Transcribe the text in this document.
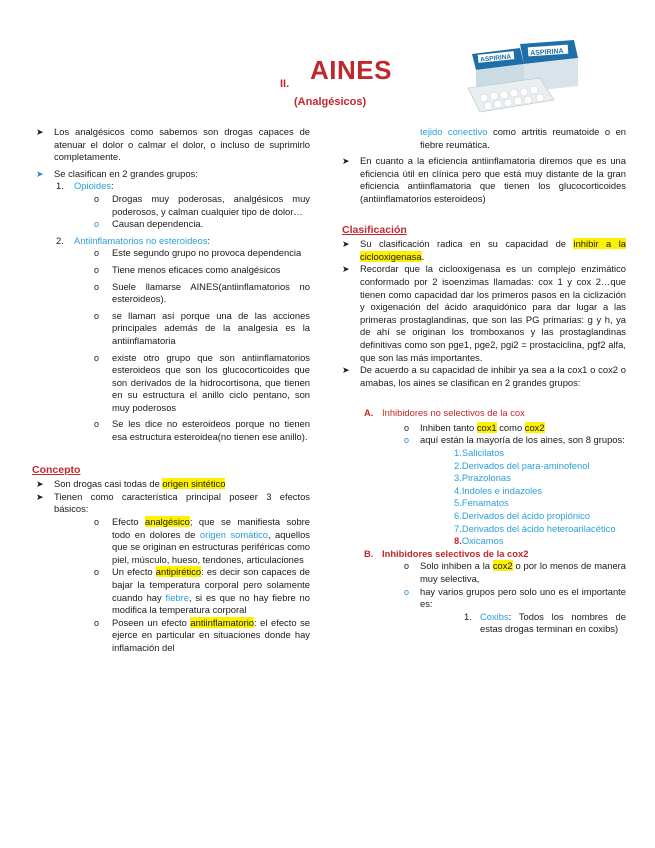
II. AINES
(Analgésicos)
ASPIRINA
ASPIRINA
➤ Los analgésicos como sabemos son drogas capaces de atenuar el dolor o calmar el dolor, o incluso de suprimirlo completamente.
➤ Se clasifican en 2 grandes grupos:
1. Opioides:
o Drogas muy poderosas, analgésicos muy poderosos, y calman cualquier tipo de dolor…
o Causan dependencia.
2. Antiinflamatorios no esteroideos:
o Este segundo grupo no provoca dependencia
o Tiene menos eficaces como analgésicos
o Suele llamarse AINES(antiinflamatorios no esteroideos).
o se llaman así porque una de las acciones principales además de la analgesia es la antiinflamatoria
o existe otro grupo que son antiinflamatorios esteroideos que son los glucocorticoides que son derivados de la hidrocortisona, que tienen en su estructura el anillo ciclo pentano, son muy poderosos
o Se les dice no esteroideos porque no tienen esa estructura esteroidea(no tienen ese anillo).
Concepto
➤ Son drogas casi todas de origen sintético
➤ Tienen como característica principal poseer 3 efectos básicos:
o Efecto analgésico; que se manifiesta sobre todo en dolores de origen somático, aquellos que se originan en estructuras periféricas como piel, músculo, hueso, tendones, articulaciones
o Un efecto antipirético: es decir son capaces de bajar la temperatura corporal pero solamente cuando hay fiebre, si es que no hay fiebre no modifica la temperatura corporal
o Poseen un efecto antiinflamatorio: el efecto se ejerce en particular en situaciones donde hay inflamación del
tejido conectivo como artritis reumatoide o en fiebre reumática.
➤ En cuanto a la eficiencia antiinflamatoria diremos que es una eficiencia útil en clínica pero que está muy distante de la gran eficiencia antiinflamatoria que tienen los glucocorticoides (antiinflamatorios esteroideos)
Clasificación
➤ Su clasificación radica en su capacidad de inhibir a la ciclooxigenasa.
➤ Recordar que la ciclooxigenasa es un complejo enzimático conformado por 2 isoenzimas llamadas: cox 1 y cox 2…que tienen como capacidad dar los primeros pasos en la ciclización y oxigenación del ácido araquidónico para dar lugar a las primeras prostaglandinas, que son las PG primarias: g y h, ya de ahí se originan los tromboxanos y las prostaglandinas definitivas como son pge1, pge2, pgi2 = prostaciclina, pgf2 alfa, que son las más importantes.
➤ De acuerdo a su capacidad de inhibir ya sea a la cox1 o cox2 o amabas, los aines se clasifican en 2 grandes grupos:
A. Inhibidores no selectivos de la cox
o Inhiben tanto cox1 como cox2
o aquí están la mayoría de los aines, son 8 grupos:
1.Salicilatos
2.Derivados del para-aminofenol
3.Pirazolonas
4.Indoles e indazoles
5.Fenamatos
6.Derivados del ácido propiónico
7.Derivados del ácido heteroarilacético
8.Oxicamos
B. Inhibidores selectivos de la cox2
o Solo inhiben a la cox2 o por lo menos de manera muy selectiva,
o hay varios grupos pero solo uno es el importante es:
1. Coxibs: Todos los nombres de estas drogas terminan en coxibs)
